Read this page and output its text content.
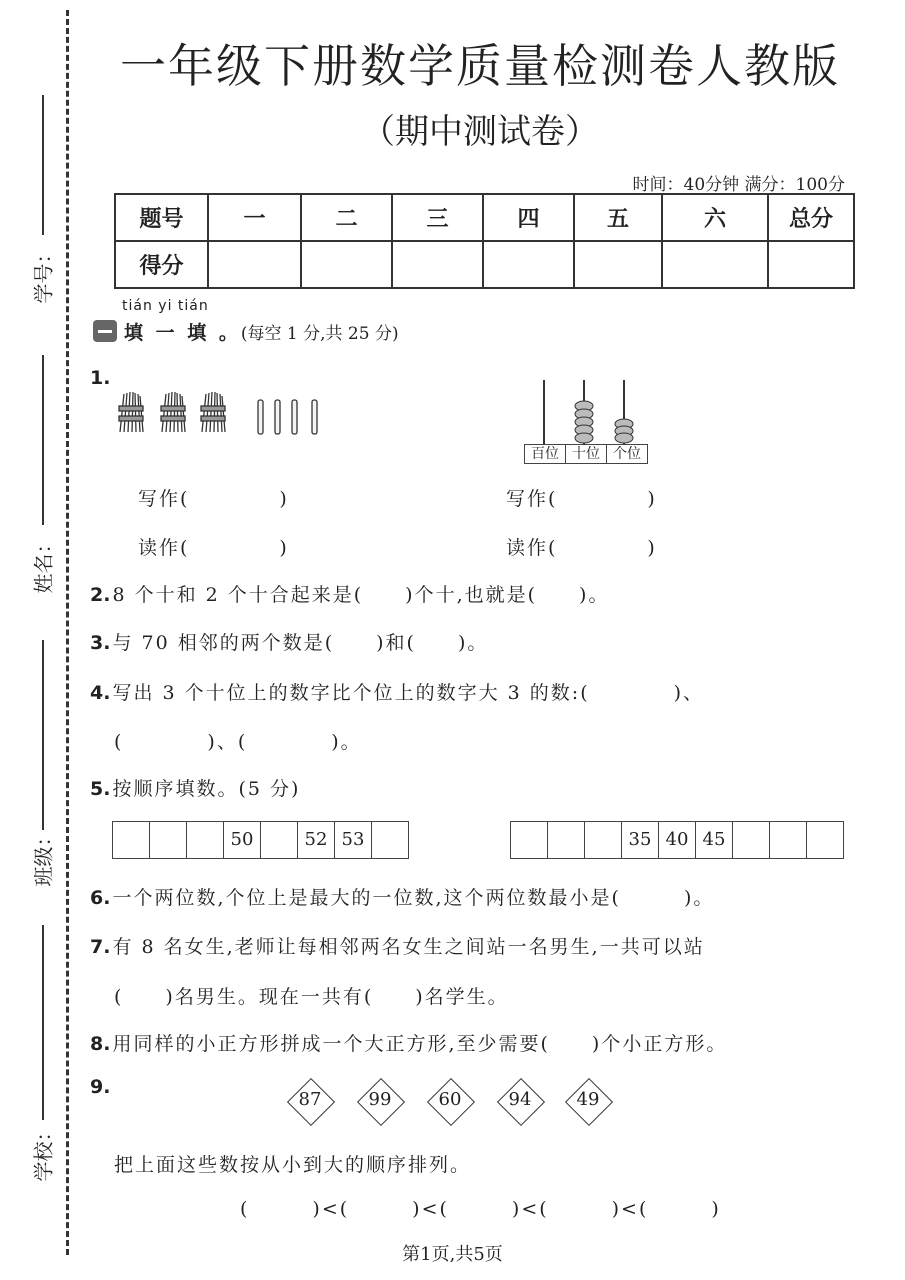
学号：
姓名：
班级：
学校：
一年级下册数学质量检测卷人教版
（期中测试卷）
时间：40分钟 满分：100分
题号	一	二	三	四	五	六	总分
得分							
tián yi tián
填 一 填 。(每空 1 分,共 25 分)
1.
百位 十位 个位
写作(	)	写作(	)
读作(	)	读作(	)
2. 8 个十和 2 个十合起来是(　　)个十,也就是(　　)。
3. 与 70 相邻的两个数是(　　)和(　　)。
4. 写出 3 个十位上的数字比个位上的数字大 3 的数:(　　　　)、
(　　　　)、(　　　　)。
5. 按顺序填数。(5 分)
50	52 53	35 40 45
6. 一个两位数,个位上是最大的一位数,这个两位数最小是(　　　)。
7. 有 8 名女生,老师让每相邻两名女生之间站一名男生,一共可以站
(　　)名男生。现在一共有(　　)名学生。
8. 用同样的小正方形拼成一个大正方形,至少需要(　　)个小正方形。
9.
87	99	60	94	49
把上面这些数按从小到大的顺序排列。
(　　　)<(　　　)<(　　　)<(　　　)<(　　　)
第1页,共5页
